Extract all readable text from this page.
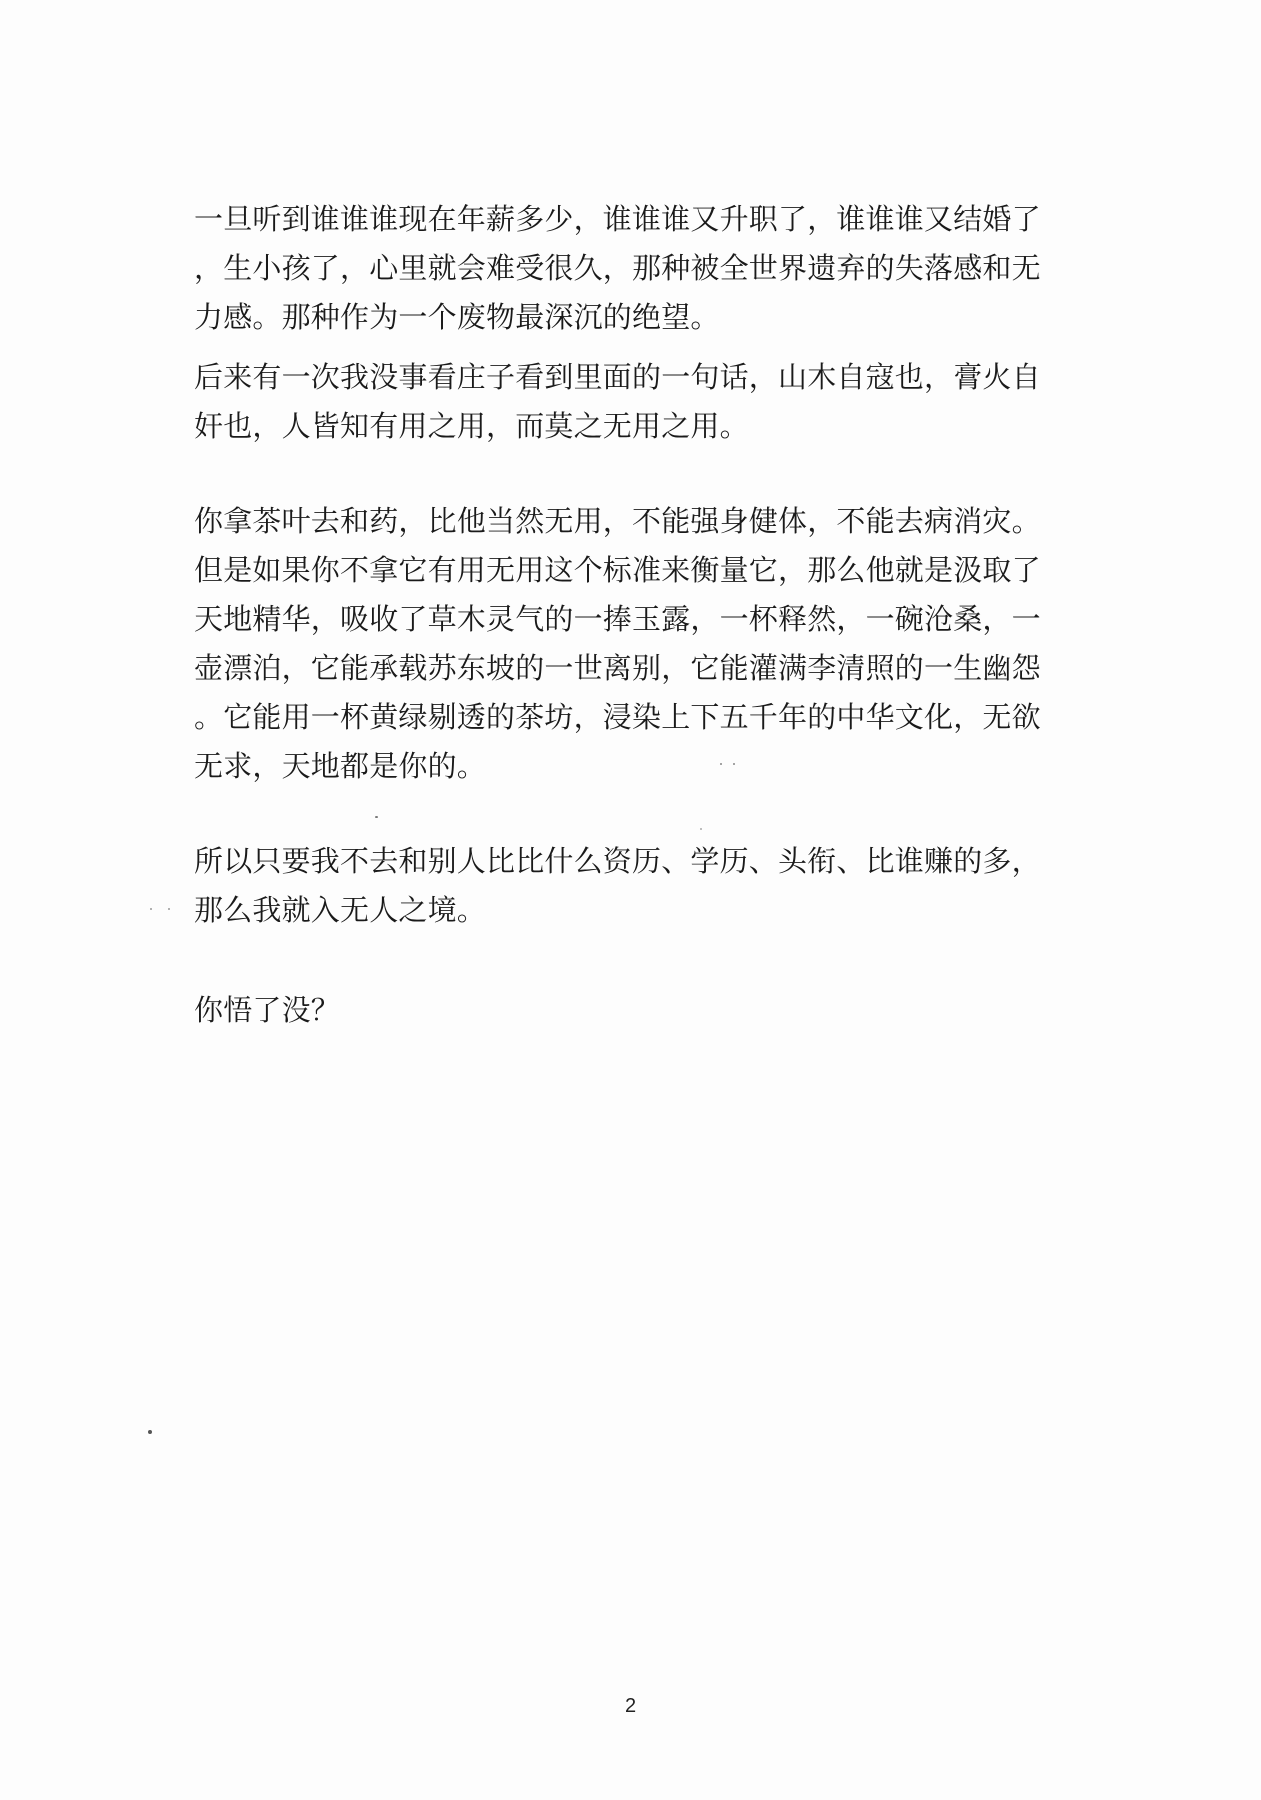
一旦听到谁谁谁现在年薪多少，谁谁谁又升职了，谁谁谁又结婚了
，生小孩了，心里就会难受很久，那种被全世界遗弃的失落感和无
力感。那种作为一个废物最深沉的绝望。
后来有一次我没事看庄子看到里面的一句话，山木自寇也，膏火自
奸也，人皆知有用之用，而莫之无用之用。
你拿茶叶去和药，比他当然无用，不能强身健体，不能去病消灾。
但是如果你不拿它有用无用这个标准来衡量它，那么他就是汲取了
天地精华，吸收了草木灵气的一捧玉露，一杯释然，一碗沧桑，一
壶漂泊，它能承载苏东坡的一世离别，它能灌满李清照的一生幽怨
。它能用一杯黄绿剔透的茶坊，浸染上下五千年的中华文化，无欲
无求，天地都是你的。
所以只要我不去和别人比比什么资历、学历、头衔、比谁赚的多，
那么我就入无人之境。
你悟了没？
2
